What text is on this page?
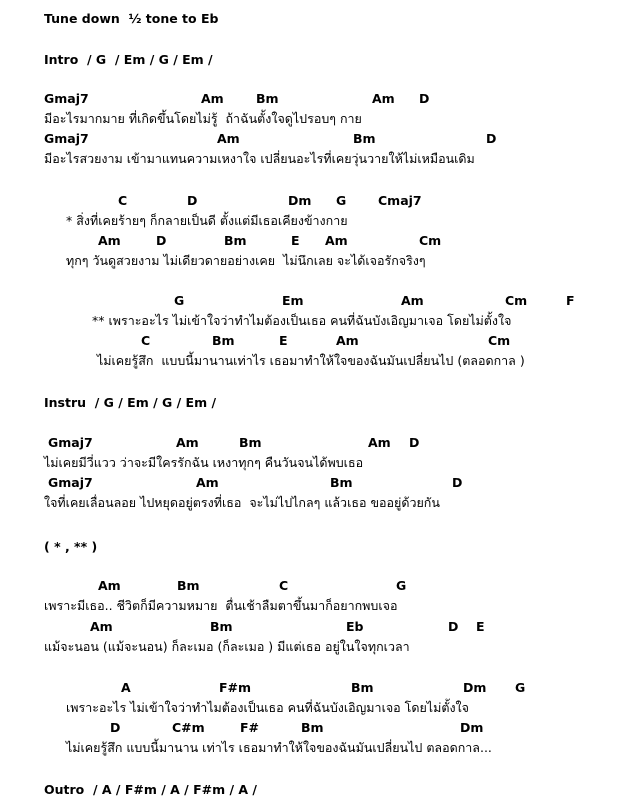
Tune down  ½ tone to Eb
Intro  / G  / Em / G / Em /
Gmaj7	Am	Bm	Am D
มีอะไรมากมาย ที่เกิดขึ้นโดยไม่รู้  ถ้าฉันตั้งใจดูไปรอบๆ กาย
Gmaj7	Am	Bm	D
มีอะไรสวยงาม เข้ามาแทนความเหงาใจ เปลี่ยนอะไรที่เคยวุ่นวายให้ไม่เหมือนเดิม
C	D	Dm G	Cmaj7
* สิ่งที่เคยร้ายๆ ก็กลายเป็นดี ตั้งแต่มีเธอเคียงข้างกาย
Am	D	Bm	E Am	Cm
ทุกๆ วันดูสวยงาม ไม่เดียวดายอย่างเคย  ไม่นึกเลย จะได้เจอรักจริงๆ
G	Em	Am	Cm	F
** เพราะอะไร ไม่เข้าใจว่าทำไมต้องเป็นเธอ คนที่ฉันบังเอิญมาเจอ โดยไม่ตั้งใจ
C	Bm	E	Am	Cm
ไม่เคยรู้สึก  แบบนี้มานานเท่าไร เธอมาทำให้ใจของฉันมันเปลี่ยนไป (ตลอดกาล )
Instru  / G / Em / G / Em /
Gmaj7	Am	Bm	Am D
ไม่เคยมีวี่แวว ว่าจะมีใครรักฉัน เหงาทุกๆ คืนวันจนได้พบเธอ
Gmaj7	Am	Bm	D
ใจที่เคยเลื่อนลอย ไปหยุดอยู่ตรงที่เธอ  จะไม่ไปไกลๆ แล้วเธอ ขออยู่ด้วยกัน
( * , ** )
Am	Bm	C	G
เพราะมีเธอ.. ชีวิตก็มีความหมาย  ตื่นเช้าลืมตาขึ้นมาก็อยากพบเจอ
Am	Bm	Eb	D E
แม้จะนอน (แม้จะนอน) ก็ละเมอ (ก็ละเมอ ) มีแต่เธอ อยู่ในใจทุกเวลา
A	F#m	Bm	Dm G
เพราะอะไร ไม่เข้าใจว่าทำไมต้องเป็นเธอ คนที่ฉันบังเอิญมาเจอ โดยไม่ตั้งใจ
D	C#m	F#	Bm	Dm
ไม่เคยรู้สึก แบบนี้มานาน เท่าไร เธอมาทำให้ใจของฉันมันเปลี่ยนไป ตลอดกาล...
Outro  / A / F#m / A / F#m / A /
